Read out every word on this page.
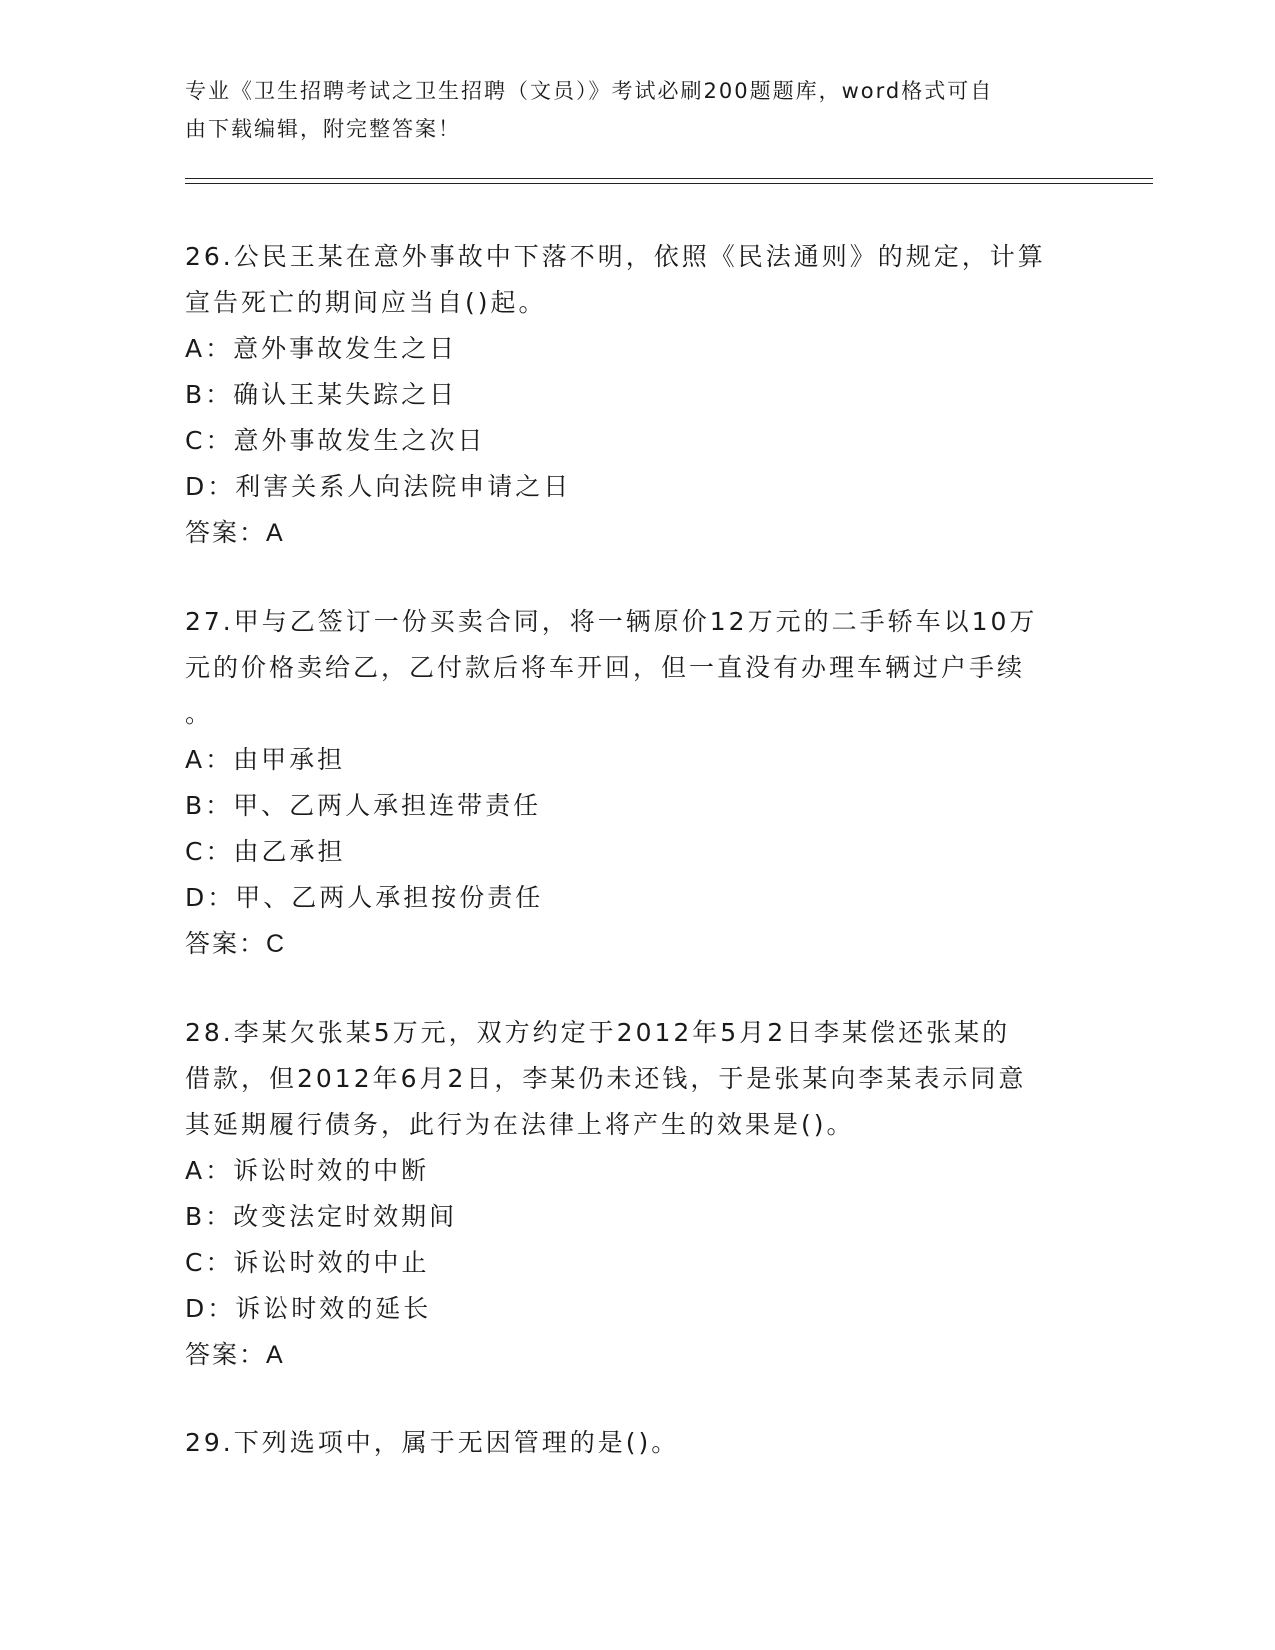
专业《卫生招聘考试之卫生招聘（文员）》考试必刷200题题库，word格式可自
由下载编辑，附完整答案！
26.公民王某在意外事故中下落不明，依照《民法通则》的规定，计算
宣告死亡的期间应当自()起。
A：意外事故发生之日
B：确认王某失踪之日
C：意外事故发生之次日
D：利害关系人向法院申请之日
答案：A
27.甲与乙签订一份买卖合同，将一辆原价12万元的二手轿车以10万
元的价格卖给乙，乙付款后将车开回，但一直没有办理车辆过户手续
。
A：由甲承担
B：甲、乙两人承担连带责任
C：由乙承担
D：甲、乙两人承担按份责任
答案：C
28.李某欠张某5万元，双方约定于2012年5月2日李某偿还张某的
借款，但2012年6月2日，李某仍未还钱，于是张某向李某表示同意
其延期履行债务，此行为在法律上将产生的效果是()。
A：诉讼时效的中断
B：改变法定时效期间
C：诉讼时效的中止
D：诉讼时效的延长
答案：A
29.下列选项中，属于无因管理的是()。
